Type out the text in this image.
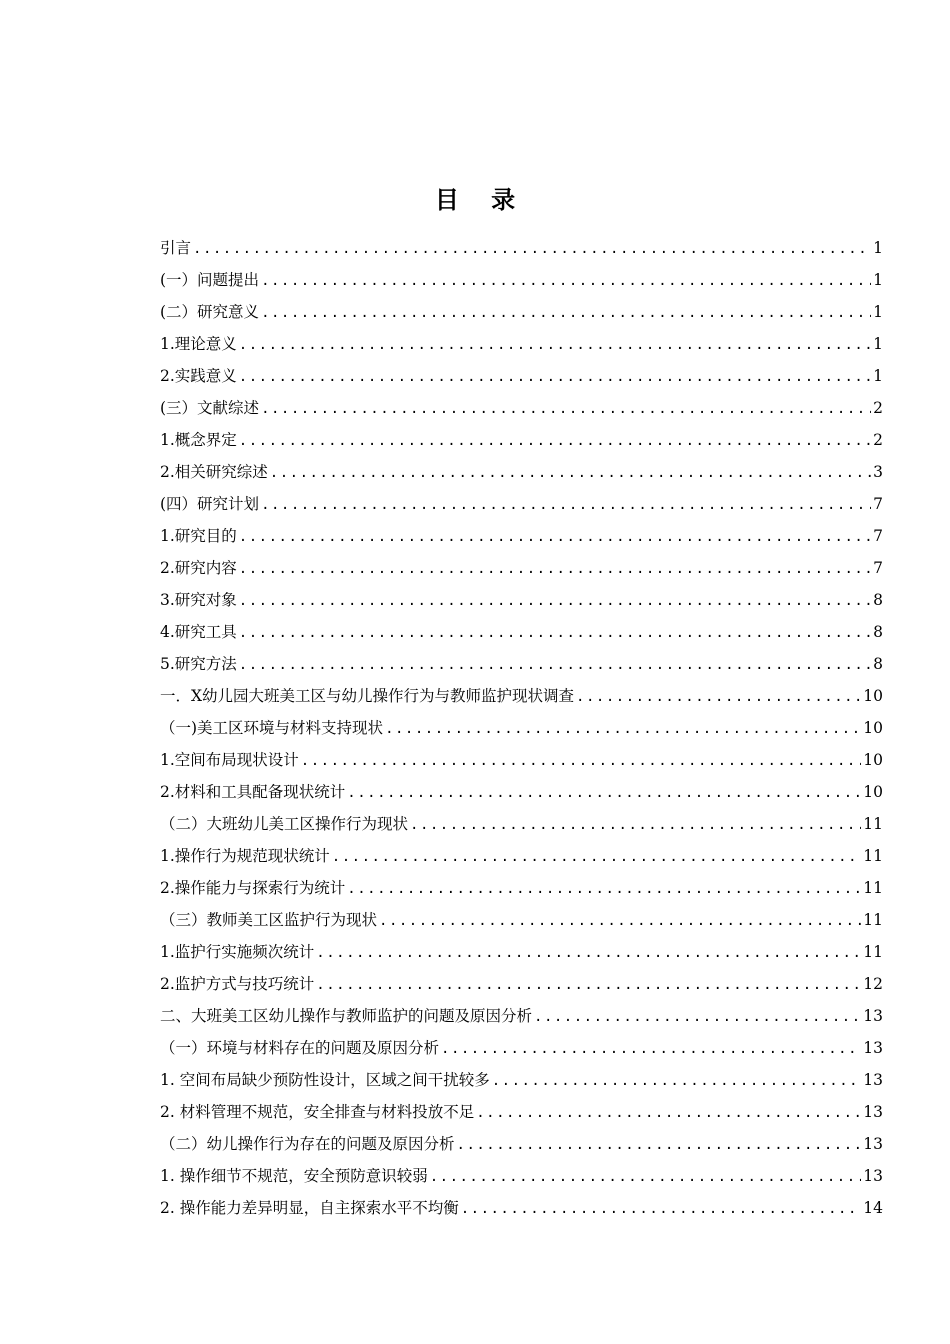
目 录
引言 .....	1
(一）问题提出 .....	1
(二）研究意义 .....	1
1.理论意义 .....	1
2.实践意义 .....	1
(三）文献综述 .....	2
1.概念界定 .....	2
2.相关研究综述 .....	3
(四）研究计划 .....	7
1.研究目的 .....	7
2.研究内容 .....	7
3.研究对象 .....	8
4.研究工具 .....	8
5.研究方法 .....	8
一．X幼儿园大班美工区与幼儿操作行为与教师监护现状调查 .....	10
（一)美工区环境与材料支持现状 .....	10
1.空间布局现状设计 .....	10
2.材料和工具配备现状统计 .....	10
（二）大班幼儿美工区操作行为现状 .....	11
1.操作行为规范现状统计 .....	11
2.操作能力与探索行为统计 .....	11
（三）教师美工区监护行为现状 .....	11
1.监护行实施频次统计 .....	11
2.监护方式与技巧统计 .....	12
二、大班美工区幼儿操作与教师监护的问题及原因分析 .....	13
（一）环境与材料存在的问题及原因分析 .....	13
1. 空间布局缺少预防性设计，区域之间干扰较多 .....	13
2. 材料管理不规范，安全排查与材料投放不足 .....	13
（二）幼儿操作行为存在的问题及原因分析 .....	13
1. 操作细节不规范，安全预防意识较弱 .....	13
2. 操作能力差异明显，自主探索水平不均衡 .....	14
